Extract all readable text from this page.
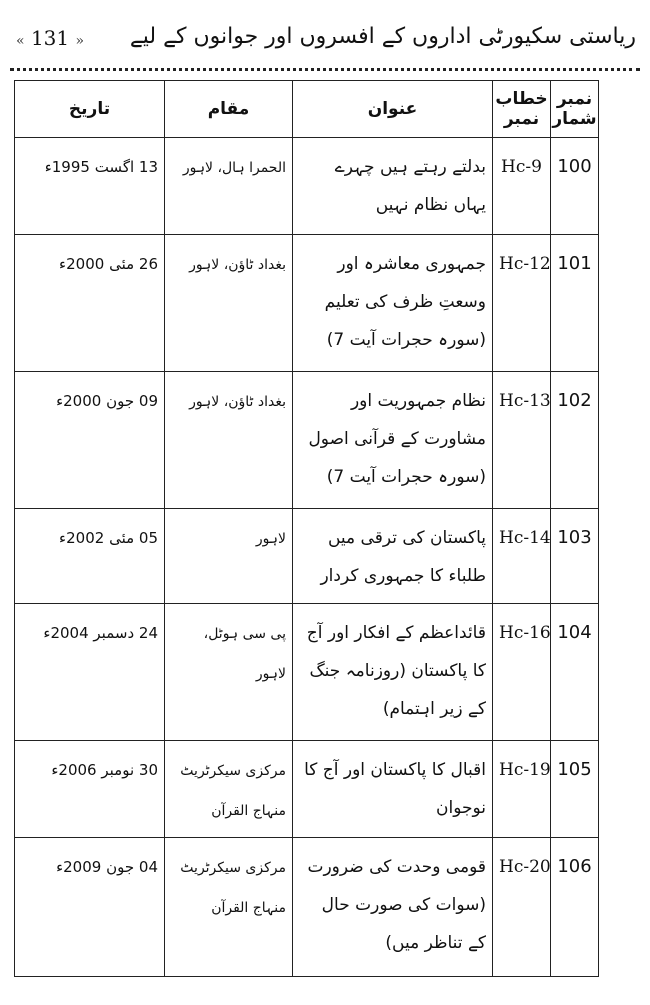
ریاستی سکیورٹی اداروں کے افسروں اور جوانوں کے لیے
« 131 »
نمبر شمار	خطاب نمبر	عنوان	مقام	تاریخ

100	Hc-9	بدلتے رہتے ہیں چہرے یہاں نظام نہیں	الحمرا ہال، لاہور	13 اگست 1995ء

101	Hc-12	جمہوری معاشرہ اور وسعتِ ظرف کی تعلیم (سورہ حجرات آیت 7)	بغداد ٹاؤن، لاہور	26 مئی 2000ء

102	Hc-13	نظام جمہوریت اور مشاورت کے قرآنی اصول (سورہ حجرات آیت 7)	بغداد ٹاؤن، لاہور	09 جون 2000ء

103	Hc-14	پاکستان کی ترقی میں طلباء کا جمہوری کردار	لاہور	05 مئی 2002ء

104	Hc-16	قائداعظم کے افکار اور آج کا پاکستان (روزنامہ جنگ کے زیر اہتمام)	پی سی ہوٹل، لاہور	24 دسمبر 2004ء

105	Hc-19	اقبال کا پاکستان اور آج کا نوجوان	مرکزی سیکرٹریٹ منہاج القرآن	30 نومبر 2006ء

106	Hc-20	قومی وحدت کی ضرورت (سوات کی صورت حال کے تناظر میں)	مرکزی سیکرٹریٹ منہاج القرآن	04 جون 2009ء
